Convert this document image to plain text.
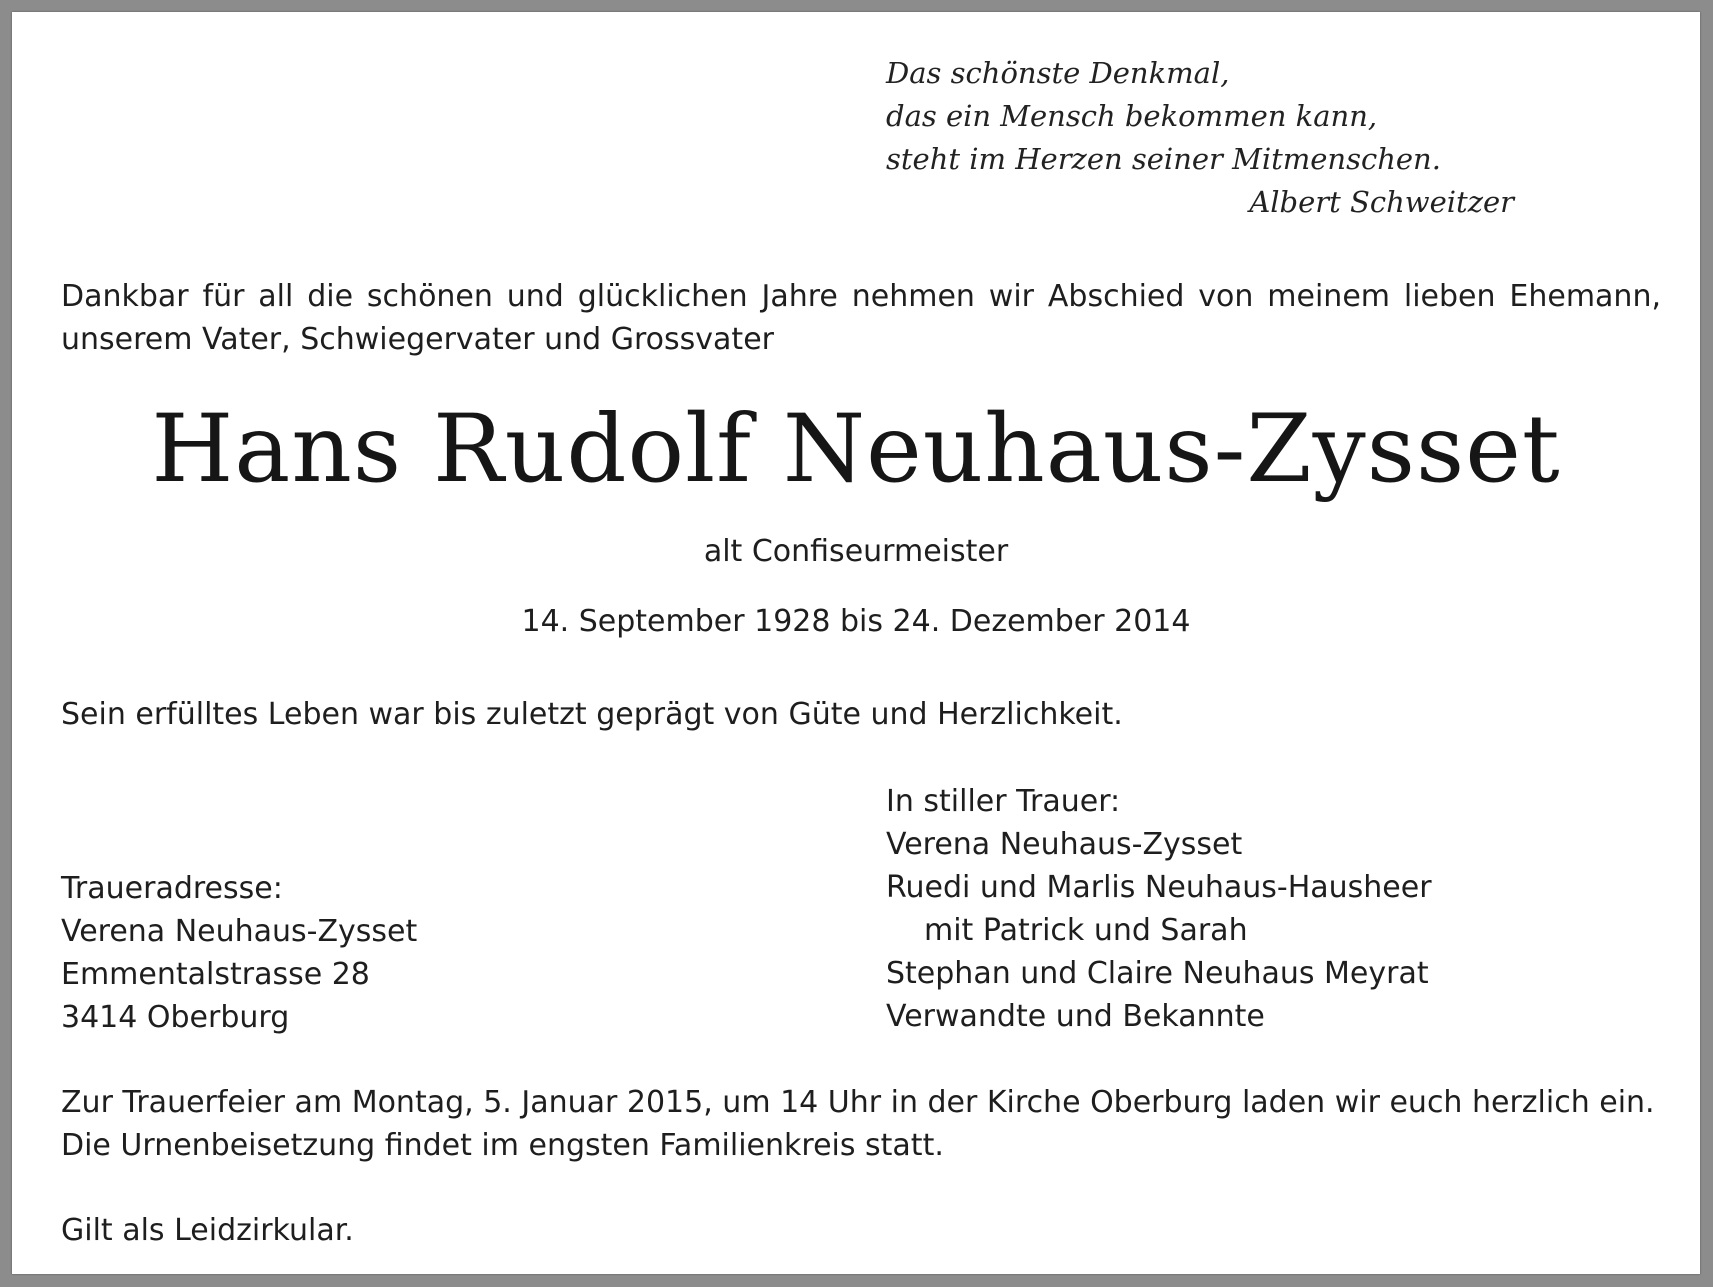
Das schönste Denkmal,
das ein Mensch bekommen kann,
steht im Herzen seiner Mitmenschen.
Albert Schweitzer
Dankbar für all die schönen und glücklichen Jahre nehmen wir Abschied von meinem lieben Ehemann,
unserem Vater, Schwiegervater und Grossvater
Hans Rudolf Neuhaus-Zysset
alt Confiseurmeister
14. September 1928 bis 24. Dezember 2014
Sein erfülltes Leben war bis zuletzt geprägt von Güte und Herzlichkeit.
Traueradresse:
Verena Neuhaus-Zysset
Emmentalstrasse 28
3414 Oberburg
In stiller Trauer:
Verena Neuhaus-Zysset
Ruedi und Marlis Neuhaus-Hausheer
mit Patrick und Sarah
Stephan und Claire Neuhaus Meyrat
Verwandte und Bekannte
Zur Trauerfeier am Montag, 5. Januar 2015, um 14 Uhr in der Kirche Oberburg laden wir euch herzlich ein.
Die Urnenbeisetzung findet im engsten Familienkreis statt.
Gilt als Leidzirkular.
